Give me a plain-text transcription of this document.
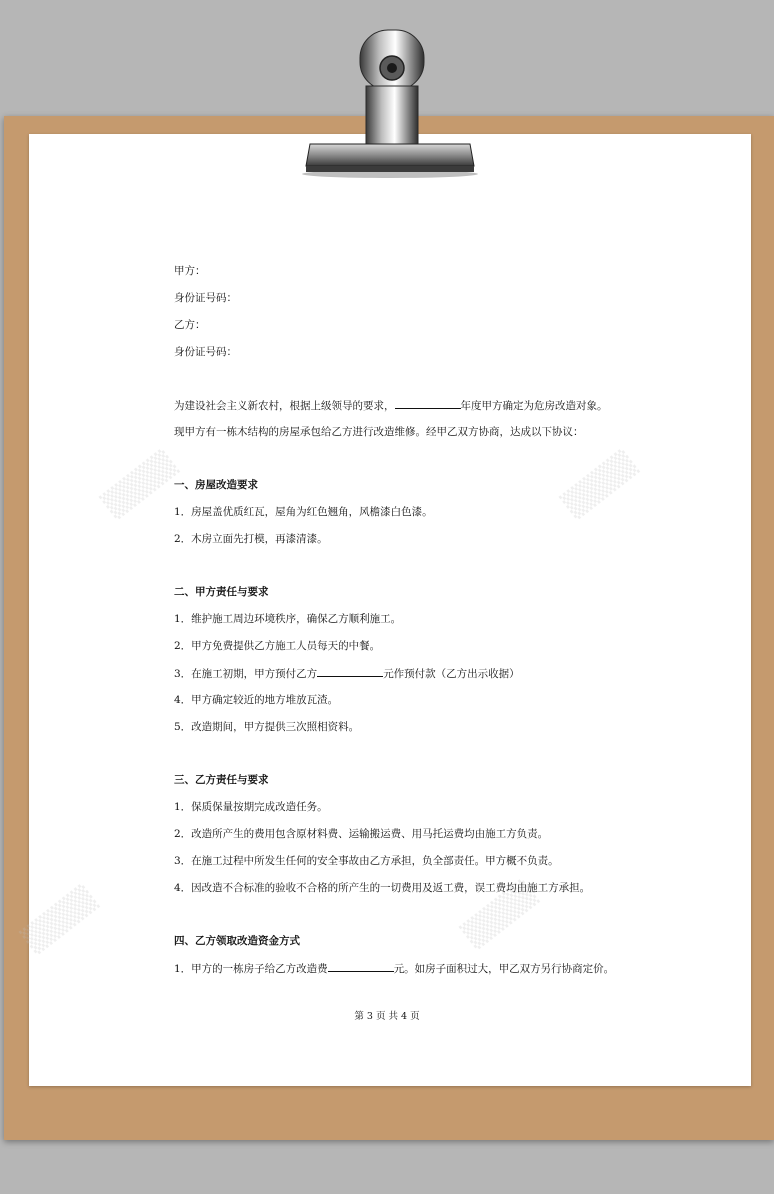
▒▒▒▒	▒▒▒▒
▒▒▒▒	▒▒▒▒
甲方：
身份证号码：
乙方：
身份证号码：
为建设社会主义新农村，根据上级领导的要求，	年度甲方确定为危房改造对象。
现甲方有一栋木结构的房屋承包给乙方进行改造维修。经甲乙双方协商，达成以下协议：
一、房屋改造要求
1．房屋盖优质红瓦，屋角为红色翘角，风檐漆白色漆。
2．木房立面先打模，再漆清漆。
二、甲方责任与要求
1．维护施工周边环境秩序，确保乙方顺利施工。
2．甲方免费提供乙方施工人员每天的中餐。
3．在施工初期，甲方预付乙方	元作预付款（乙方出示收据）
4．甲方确定较近的地方堆放瓦渣。
5．改造期间，甲方提供三次照相资料。
三、乙方责任与要求
1．保质保量按期完成改造任务。
2．改造所产生的费用包含原材料费、运输搬运费、用马托运费均由施工方负责。
3．在施工过程中所发生任何的安全事故由乙方承担，负全部责任。甲方概不负责。
4．因改造不合标准的验收不合格的所产生的一切费用及返工费，误工费均由施工方承担。
四、乙方领取改造资金方式
1．甲方的一栋房子给乙方改造费	元。如房子面积过大，甲乙双方另行协商定价。
第 3 页 共 4 页
